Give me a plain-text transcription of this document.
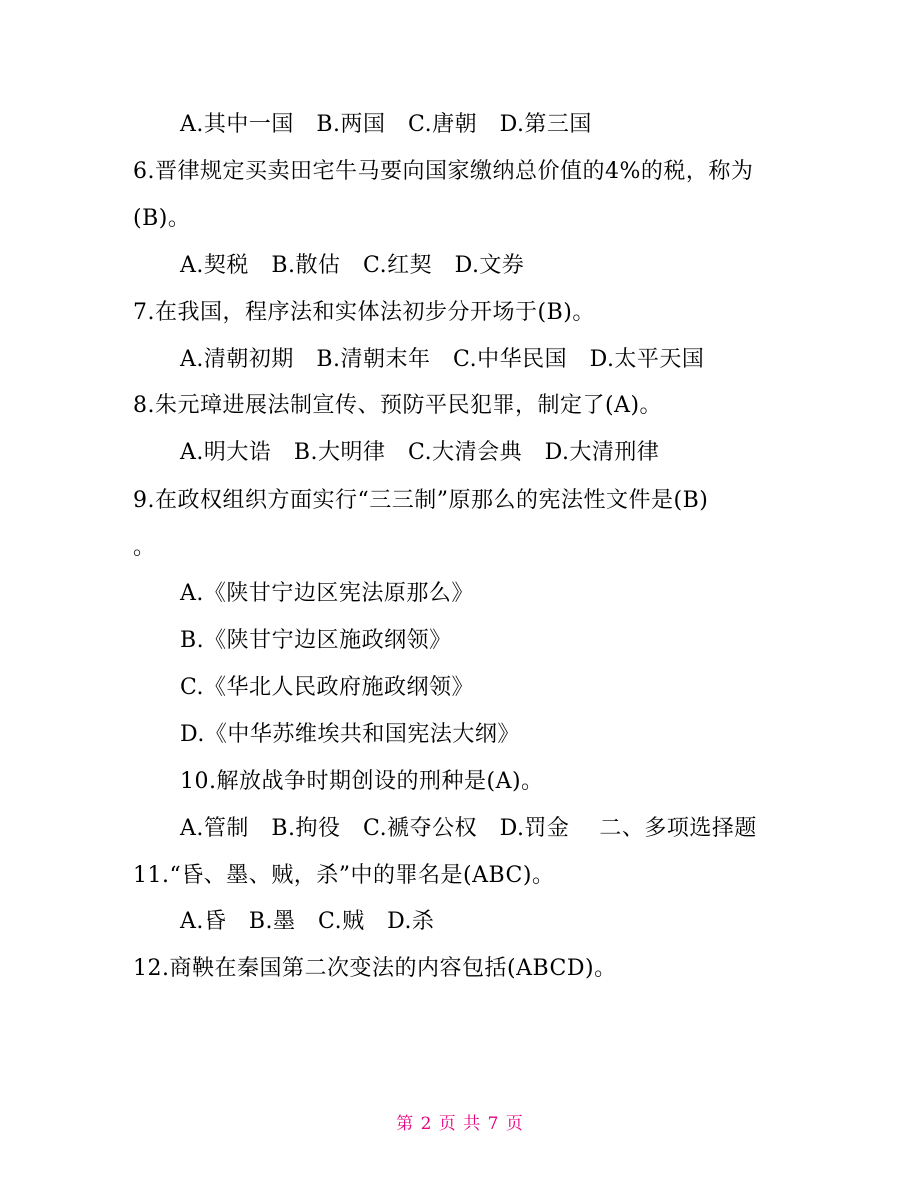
A.其中一国　B.两国　C.唐朝　D.第三国
6.晋律规定买卖田宅牛马要向国家缴纳总价值的4%的税，称为
(B)。
A.契税　B.散估　C.红契　D.文券
7.在我国，程序法和实体法初步分开场于(B)。
A.清朝初期　B.清朝末年　C.中华民国　D.太平天国
8.朱元璋进展法制宣传、预防平民犯罪，制定了(A)。
A.明大诰　B.大明律　C.大清会典　D.大清刑律
9.在政权组织方面实行“三三制”原那么的宪法性文件是(B)
。
A.《陕甘宁边区宪法原那么》
B.《陕甘宁边区施政纲领》
C.《华北人民政府施政纲领》
D.《中华苏维埃共和国宪法大纲》
10.解放战争时期创设的刑种是(A)。
A.管制　B.拘役　C.褫夺公权　D.罚金　 二、多项选择题
11.“昏、墨、贼，杀”中的罪名是(ABC)。
A.昏　B.墨　C.贼　D.杀
12.商鞅在秦国第二次变法的内容包括(ABCD)。
第 2 页 共 7 页
